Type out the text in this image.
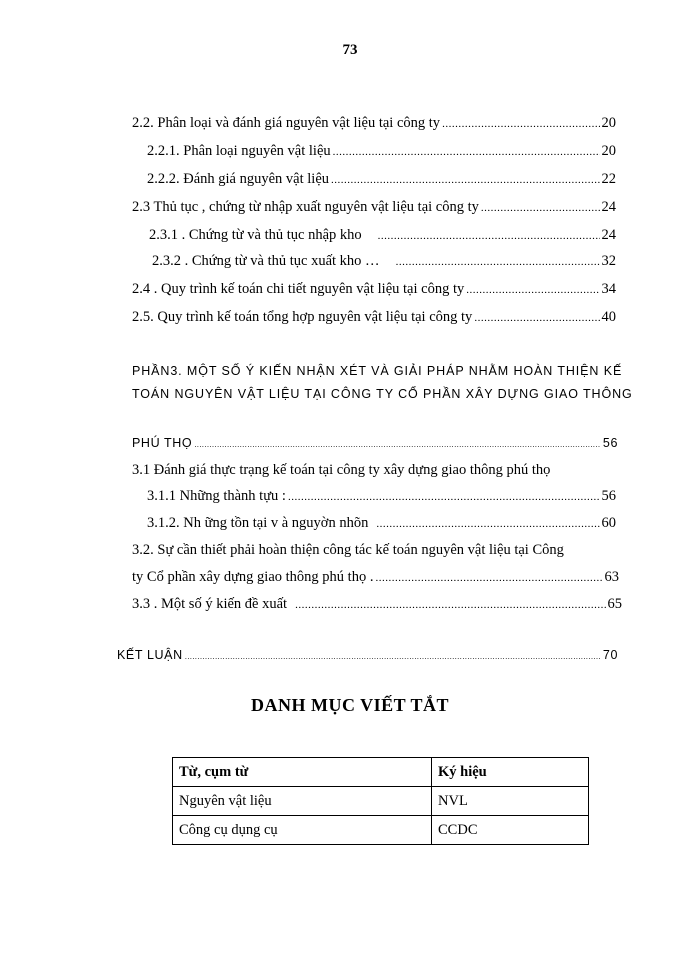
73
2.2. Phân loại và đánh giá nguyên vật liệu tại công ty .....	20
2.2.1. Phân loại nguyên vật liệu .....	20
2.2.2. Đánh giá nguyên vật liệu .....	22
2.3 Thủ tục , chứng từ nhập xuất nguyên vật liệu tại công ty .....	24
2.3.1 . Chứng từ và thủ tục nhập kho .....	24
2.3.2 . Chứng từ và thủ tục xuất kho … .....	32
2.4 . Quy trình kế toán chi tiết nguyên vật liệu tại công ty .....	34
2.5. Quy trình kế toán tổng hợp nguyên vật liệu tại công ty .....	40
PHẦN3. MỘT SỐ Ý KIẾN NHẬN XÉT VÀ GIẢI PHÁP NHẰM HOÀN THIỆN KẾ
TOÁN NGUYÊN VẬT LIỆU TẠI CÔNG TY CỔ PHẦN XÂY DỰNG GIAO THÔNG
PHÚ THỌ .....	56
3.1 Đánh giá thực trạng kế toán tại công ty xây dựng giao thông phú thọ
3.1.1 Những thành tựu : .....	56
3.1.2. Nh ững tồn tại v à nguyờn nhõn .....	60
3.2. Sự cần thiết phải hoàn thiện công tác kế toán nguyên vật liệu tại Công
ty Cổ phần xây dựng giao thông phú thọ . .....	63
3.3 . Một số ý kiến đề xuất .....	65
KẾT LUẬN .....	70
DANH MỤC VIẾT TẮT
Từ, cụm từ	Ký hiệu
Nguyên vật liệu	NVL
Công cụ dụng cụ	CCDC
